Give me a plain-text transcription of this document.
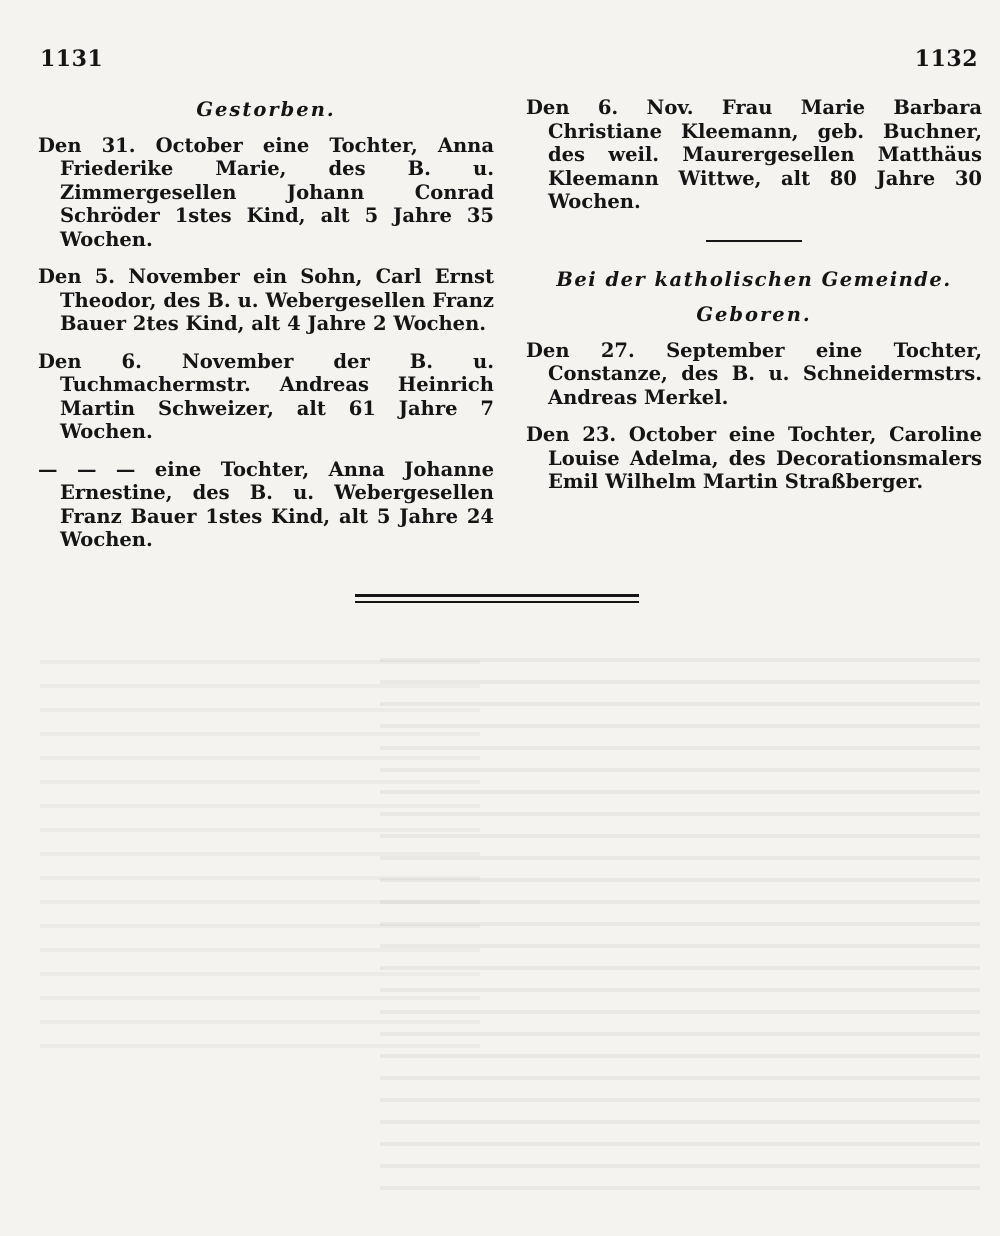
1131	1132
Gestorben.

Den 31. October eine Tochter, Anna Friederike Marie, des B. u. Zimmergesellen Johann Conrad Schröder 1stes Kind, alt 5 Jahre 35 Wochen.

Den 5. November ein Sohn, Carl Ernst Theodor, des B. u. Webergesellen Franz Bauer 2tes Kind, alt 4 Jahre 2 Wochen.

Den 6. November der B. u. Tuchmachermstr. Andreas Heinrich Martin Schweizer, alt 61 Jahre 7 Wochen.

— — — eine Tochter, Anna Johanne Ernestine, des B. u. Webergesellen Franz Bauer 1stes Kind, alt 5 Jahre 24 Wochen.

Den 6. Nov. Frau Marie Barbara Christiane Kleemann, geb. Buchner, des weil. Maurergesellen Matthäus Kleemann Wittwe, alt 80 Jahre 30 Wochen.

Bei der katholischen Gemeinde.
Geboren.

Den 27. September eine Tochter, Constanze, des B. u. Schneidermstrs. Andreas Merkel.

Den 23. October eine Tochter, Caroline Louise Adelma, des Decorationsmalers Emil Wilhelm Martin Straßberger.
